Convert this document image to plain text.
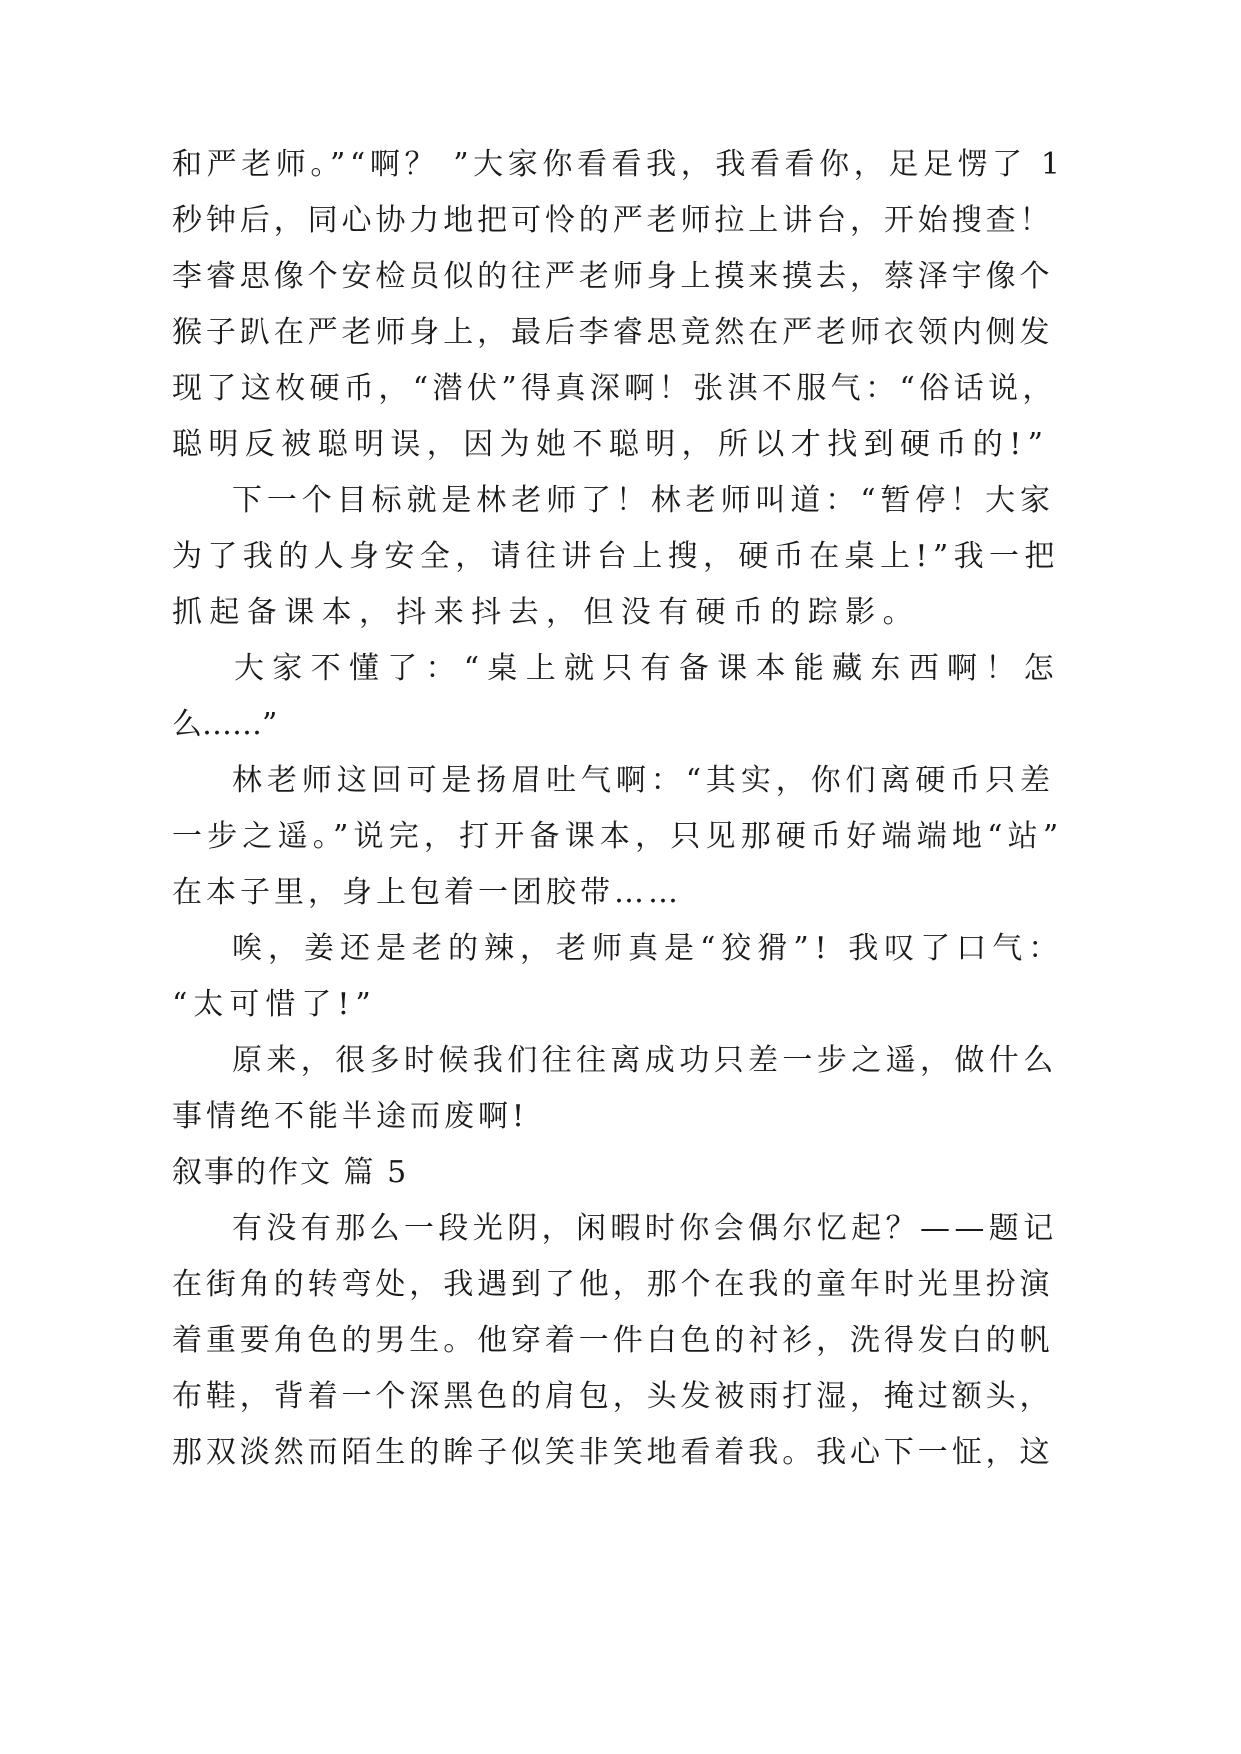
和严老师。”“啊？ ”大家你看看我，我看看你，足足愣了 1
秒钟后，同心协力地把可怜的严老师拉上讲台，开始搜查！
李睿思像个安检员似的往严老师身上摸来摸去，蔡泽宇像个
猴子趴在严老师身上，最后李睿思竟然在严老师衣领内侧发
现了这枚硬币，“潜伏”得真深啊！张淇不服气：“俗话说，
聪明反被聪明误，因为她不聪明，所以才找到硬币的!”
下一个目标就是林老师了！林老师叫道：“暂停！大家
为了我的人身安全，请往讲台上搜，硬币在桌上!”我一把
抓起备课本，抖来抖去，但没有硬币的踪影。
大家不懂了：“桌上就只有备课本能藏东西啊！怎
么……”
林老师这回可是扬眉吐气啊：“其实，你们离硬币只差
一步之遥。”说完，打开备课本，只见那硬币好端端地“站”
在本子里，身上包着一团胶带……
唉，姜还是老的辣，老师真是“狡猾”! 我叹了口气：
“太可惜了!”
原来，很多时候我们往往离成功只差一步之遥，做什么
事情绝不能半途而废啊!
叙事的作文 篇 5
有没有那么一段光阴，闲暇时你会偶尔忆起？——题记
在街角的转弯处，我遇到了他，那个在我的童年时光里扮演
着重要角色的男生。他穿着一件白色的衬衫，洗得发白的帆
布鞋，背着一个深黑色的肩包，头发被雨打湿，掩过额头，
那双淡然而陌生的眸子似笑非笑地看着我。我心下一怔，这
